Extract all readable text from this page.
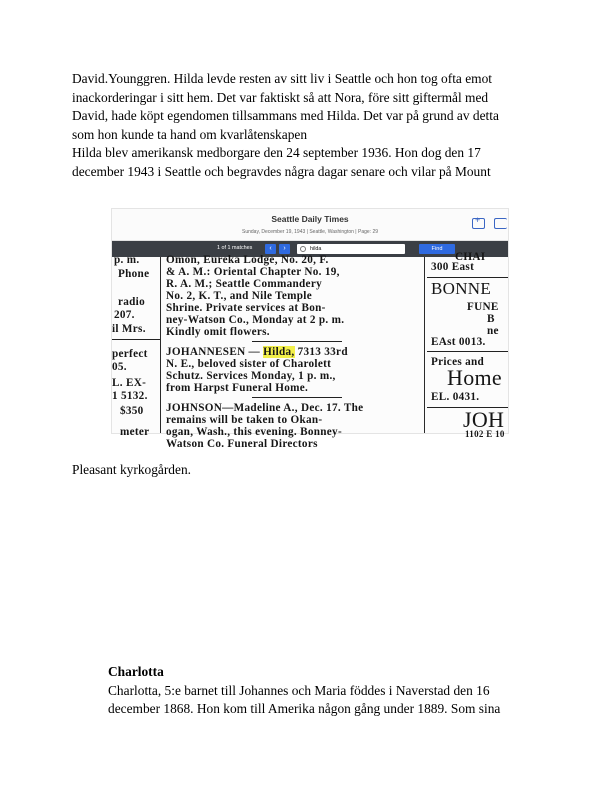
David.Younggren. Hilda levde resten av sitt liv i Seattle och hon tog ofta emot
inackorderingar i sitt hem. Det var faktiskt så att Nora, före sitt giftermål med
David, hade köpt egendomen tillsammans med Hilda. Det var på grund av detta
som hon kunde ta hand om kvarlåtenskapen
Hilda blev amerikansk medborgare den 24 september 1936. Hon dog den 17
december 1943 i Seattle och begravdes några dagar senare och vilar på Mount
Seattle Daily Times
Sunday, December 19, 1943 | Seattle, Washington | Page: 29
+
1 of 1 matches	‹	›	hilda	Find
p. m.
Phone
radio
207.
il Mrs.
perfect
05.
L. EX-
1 5132.
$350
meter
Omon, Eureka Lodge, No. 20, F.
& A. M.: Oriental Chapter No. 19,
R. A. M.; Seattle Commandery
No. 2, K. T., and Nile Temple
Shrine. Private services at Bon-
ney-Watson Co., Monday at 2 p. m.
Kindly omit flowers.
JOHANNESEN — Hilda, 7313 33rd
N. E., beloved sister of Charolett
Schutz. Services Monday, 1 p. m.,
from Harpst Funeral Home.
JOHNSON—Madeline A., Dec. 17. The
remains will be taken to Okan-
ogan, Wash., this evening. Bonney-
Watson Co. Funeral Directors
CHAI
300 East
BONNE
FUNE
B
ne
EAst 0013.
Prices and
Home
EL. 0431.
JOH
1102 E 10
Pleasant kyrkogården.
Charlotta
Charlotta, 5:e barnet till Johannes och Maria föddes i Naverstad den 16
december 1868. Hon kom till Amerika någon gång under 1889. Som sina
